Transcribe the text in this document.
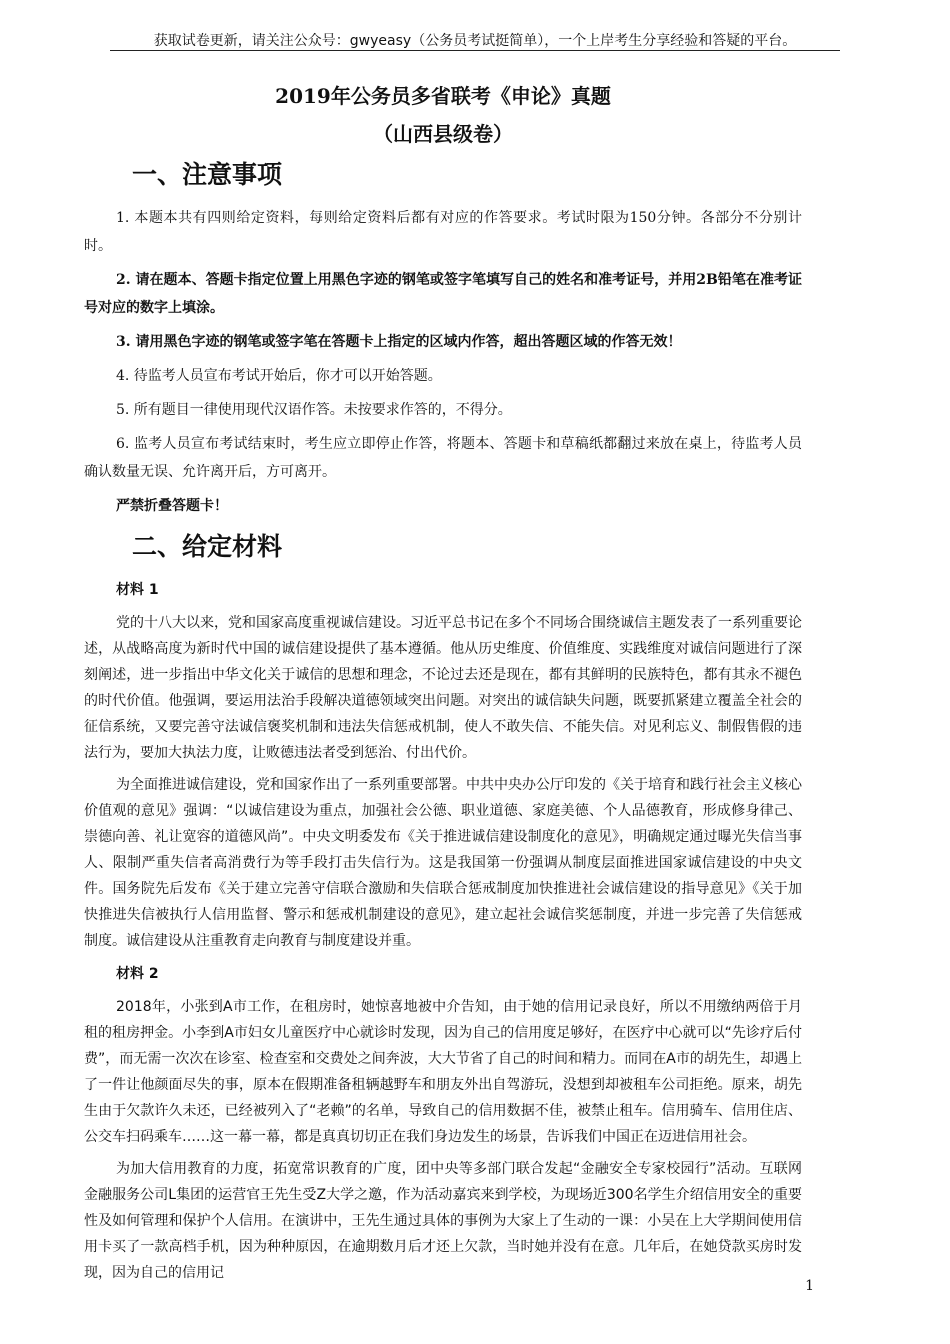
获取试卷更新，请关注公众号：gwyeasy（公务员考试挺简单），一个上岸考生分享经验和答疑的平台。
2019年公务员多省联考《申论》真题
（山西县级卷）
一、注意事项

1. 本题本共有四则给定资料，每则给定资料后都有对应的作答要求。考试时限为150分钟。各部分不分别计时。

2. 请在题本、答题卡指定位置上用黑色字迹的钢笔或签字笔填写自己的姓名和准考证号，并用2B铅笔在准考证号对应的数字上填涂。

3. 请用黑色字迹的钢笔或签字笔在答题卡上指定的区域内作答，超出答题区域的作答无效！

4. 待监考人员宣布考试开始后，你才可以开始答题。

5. 所有题目一律使用现代汉语作答。未按要求作答的，不得分。

6. 监考人员宣布考试结束时，考生应立即停止作答，将题本、答题卡和草稿纸都翻过来放在桌上，待监考人员确认数量无误、允许离开后，方可离开。

严禁折叠答题卡！

二、给定材料
材料 1

党的十八大以来，党和国家高度重视诚信建设。习近平总书记在多个不同场合围绕诚信主题发表了一系列重要论述，从战略高度为新时代中国的诚信建设提供了基本遵循。他从历史维度、价值维度、实践维度对诚信问题进行了深刻阐述，进一步指出中华文化关于诚信的思想和理念，不论过去还是现在，都有其鲜明的民族特色，都有其永不褪色的时代价值。他强调，要运用法治手段解决道德领域突出问题。对突出的诚信缺失问题，既要抓紧建立覆盖全社会的征信系统，又要完善守法诚信褒奖机制和违法失信惩戒机制，使人不敢失信、不能失信。对见利忘义、制假售假的违法行为，要加大执法力度，让败德违法者受到惩治、付出代价。

为全面推进诚信建设，党和国家作出了一系列重要部署。中共中央办公厅印发的《关于培育和践行社会主义核心价值观的意见》强调：“以诚信建设为重点，加强社会公德、职业道德、家庭美德、个人品德教育，形成修身律己、崇德向善、礼让宽容的道德风尚”。中央文明委发布《关于推进诚信建设制度化的意见》，明确规定通过曝光失信当事人、限制严重失信者高消费行为等手段打击失信行为。这是我国第一份强调从制度层面推进国家诚信建设的中央文件。国务院先后发布《关于建立完善守信联合激励和失信联合惩戒制度加快推进社会诚信建设的指导意见》《关于加快推进失信被执行人信用监督、警示和惩戒机制建设的意见》，建立起社会诚信奖惩制度，并进一步完善了失信惩戒制度。诚信建设从注重教育走向教育与制度建设并重。

材料 2

2018年，小张到A市工作，在租房时，她惊喜地被中介告知，由于她的信用记录良好，所以不用缴纳两倍于月租的租房押金。小李到A市妇女儿童医疗中心就诊时发现，因为自己的信用度足够好，在医疗中心就可以“先诊疗后付费”，而无需一次次在诊室、检查室和交费处之间奔波，大大节省了自己的时间和精力。而同在A市的胡先生，却遇上了一件让他颜面尽失的事，原本在假期准备租辆越野车和朋友外出自驾游玩，没想到却被租车公司拒绝。原来，胡先生由于欠款许久未还，已经被列入了“老赖”的名单，导致自己的信用数据不佳，被禁止租车。信用骑车、信用住店、公交车扫码乘车……这一幕一幕，都是真真切切正在我们身边发生的场景，告诉我们中国正在迈进信用社会。

为加大信用教育的力度，拓宽常识教育的广度，团中央等多部门联合发起“金融安全专家校园行”活动。互联网金融服务公司L集团的运营官王先生受Z大学之邀，作为活动嘉宾来到学校，为现场近300名学生介绍信用安全的重要性及如何管理和保护个人信用。在演讲中，王先生通过具体的事例为大家上了生动的一课：小吴在上大学期间使用信用卡买了一款高档手机，因为种种原因，在逾期数月后才还上欠款，当时她并没有在意。几年后，在她贷款买房时发现，因为自己的信用记

1
